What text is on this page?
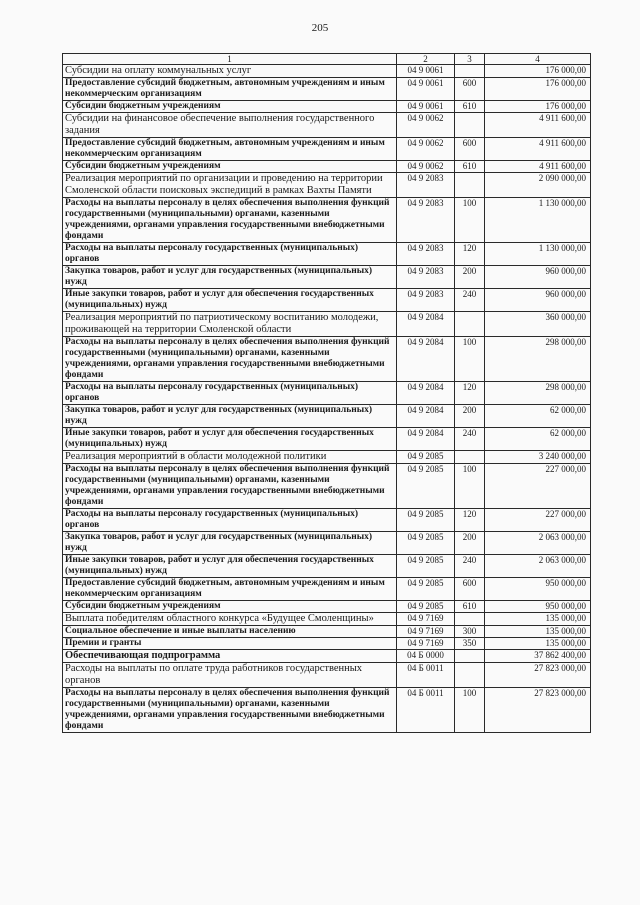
205
1	2	3	4
Субсидии на оплату коммунальных услуг	04 9 0061		176 000,00
Предоставление субсидий бюджетным, автономным учреждениям и иным некоммерческим организациям	04 9 0061	600	176 000,00
Субсидии бюджетным учреждениям	04 9 0061	610	176 000,00
Субсидии на финансовое обеспечение выполнения государственного задания	04 9 0062		4 911 600,00
Предоставление субсидий бюджетным, автономным учреждениям и иным некоммерческим организациям	04 9 0062	600	4 911 600,00
Субсидии бюджетным учреждениям	04 9 0062	610	4 911 600,00
Реализация мероприятий по организации и проведению на территории Смоленской области поисковых экспедиций в рамках Вахты Памяти	04 9 2083		2 090 000,00
Расходы на выплаты персоналу в целях обеспечения выполнения функций государственными (муниципальными) органами, казенными учреждениями, органами управления государственными внебюджетными фондами	04 9 2083	100	1 130 000,00
Расходы на выплаты персоналу государственных (муниципальных) органов	04 9 2083	120	1 130 000,00
Закупка товаров, работ и услуг для государственных (муниципальных) нужд	04 9 2083	200	960 000,00
Иные закупки товаров, работ и услуг для обеспечения государственных (муниципальных) нужд	04 9 2083	240	960 000,00
Реализация мероприятий по патриотическому воспитанию молодежи, проживающей на территории Смоленской области	04 9 2084		360 000,00
Расходы на выплаты персоналу в целях обеспечения выполнения функций государственными (муниципальными) органами, казенными учреждениями, органами управления государственными внебюджетными фондами	04 9 2084	100	298 000,00
Расходы на выплаты персоналу государственных (муниципальных) органов	04 9 2084	120	298 000,00
Закупка товаров, работ и услуг для государственных (муниципальных) нужд	04 9 2084	200	62 000,00
Иные закупки товаров, работ и услуг для обеспечения государственных (муниципальных) нужд	04 9 2084	240	62 000,00
Реализация мероприятий в области молодежной политики	04 9 2085		3 240 000,00
Расходы на выплаты персоналу в целях обеспечения выполнения функций государственными (муниципальными) органами, казенными учреждениями, органами управления государственными внебюджетными фондами	04 9 2085	100	227 000,00
Расходы на выплаты персоналу государственных (муниципальных) органов	04 9 2085	120	227 000,00
Закупка товаров, работ и услуг для государственных (муниципальных) нужд	04 9 2085	200	2 063 000,00
Иные закупки товаров, работ и услуг для обеспечения государственных (муниципальных) нужд	04 9 2085	240	2 063 000,00
Предоставление субсидий бюджетным, автономным учреждениям и иным некоммерческим организациям	04 9 2085	600	950 000,00
Субсидии бюджетным учреждениям	04 9 2085	610	950 000,00
Выплата победителям областного конкурса «Будущее Смоленщины»	04 9 7169		135 000,00
Социальное обеспечение и иные выплаты населению	04 9 7169	300	135 000,00
Премии и гранты	04 9 7169	350	135 000,00
Обеспечивающая подпрограмма	04 Б 0000		37 862 400,00
Расходы на выплаты по оплате труда работников государственных органов	04 Б 0011		27 823 000,00
Расходы на выплаты персоналу в целях обеспечения выполнения функций государственными (муниципальными) органами, казенными учреждениями, органами управления государственными внебюджетными фондами	04 Б 0011	100	27 823 000,00
